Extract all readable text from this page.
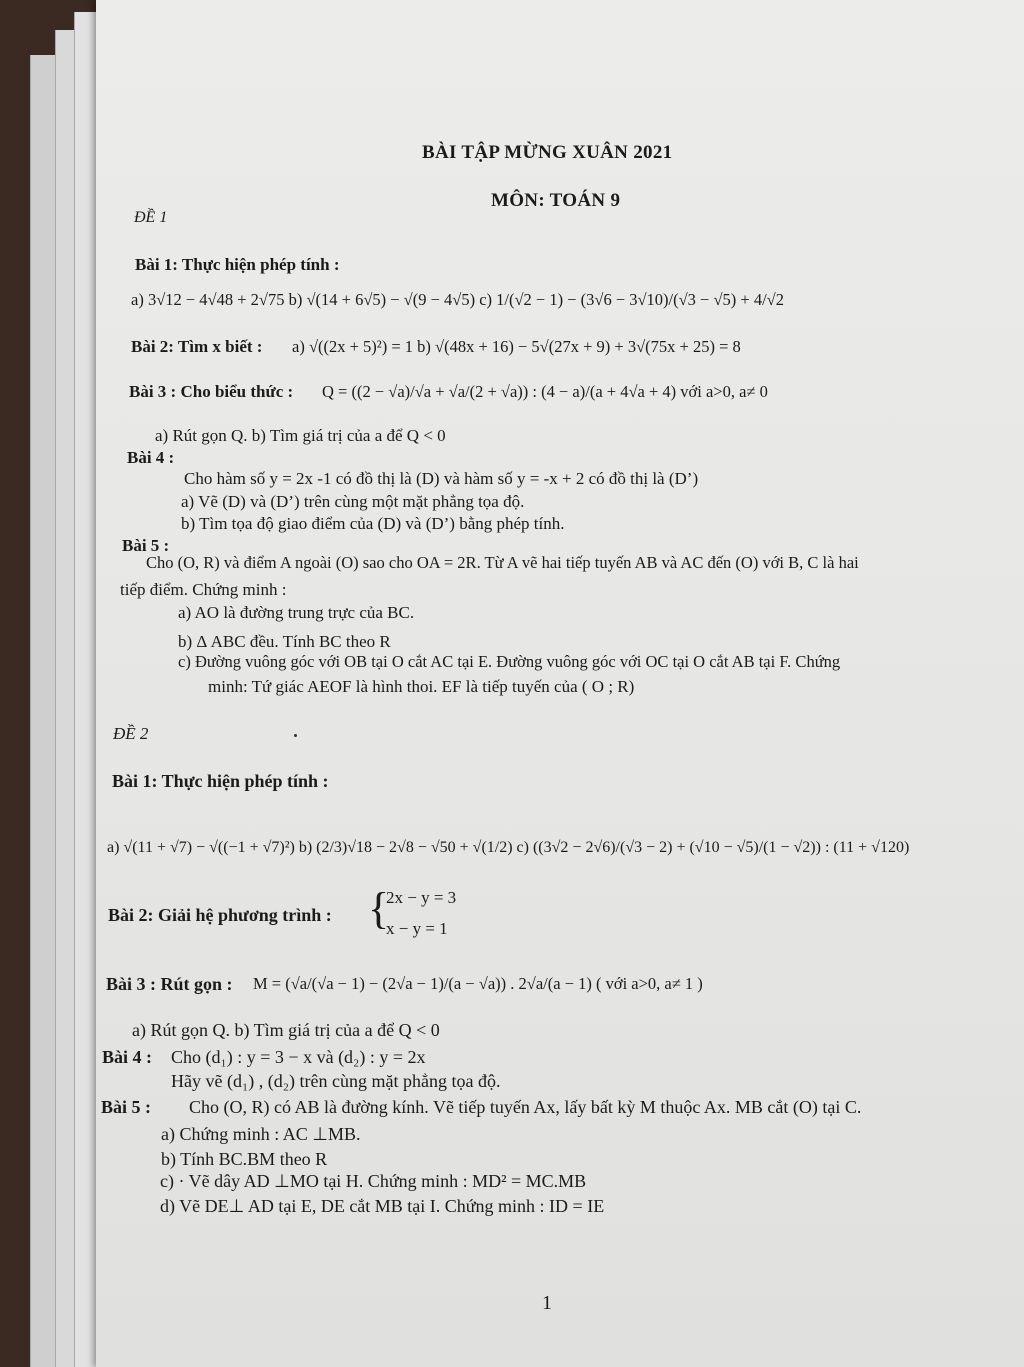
BÀI TẬP MỪNG XUÂN 2021
MÔN: TOÁN 9
ĐỀ 1
Bài 1: Thực hiện phép tính :
a) 3√12 − 4√48 + 2√75 b) √(14 + 6√5) − √(9 − 4√5) c) 1/(√2 − 1) − (3√6 − 3√10)/(√3 − √5) + 4/√2
Bài 2: Tìm x biết : a) √((2x + 5)²) = 1 b) √(48x + 16) − 5√(27x + 9) + 3√(75x + 25) = 8
Bài 3 : Cho biểu thức : Q = ((2 − √a)/√a + √a/(2 + √a)) : (4 − a)/(a + 4√a + 4) với a>0, a≠ 0
a) Rút gọn Q. b) Tìm giá trị của a để Q < 0
Bài 4 :
Cho hàm số y = 2x -1 có đồ thị là (D) và hàm số y = -x + 2 có đồ thị là (D’)
a) Vẽ (D) và (D’) trên cùng một mặt phẳng tọa độ.
b) Tìm tọa độ giao điểm của (D) và (D’) bằng phép tính.
Bài 5 :
Cho (O, R) và điểm A ngoài (O) sao cho OA = 2R. Từ A vẽ hai tiếp tuyến AB và AC đến (O) với B, C là hai
tiếp điểm. Chứng minh :
a) AO là đường trung trực của BC.
b) Δ ABC đều. Tính BC theo R
c) Đường vuông góc với OB tại O cắt AC tại E. Đường vuông góc với OC tại O cắt AB tại F. Chứng
minh: Tứ giác AEOF là hình thoi. EF là tiếp tuyến của ( O ; R)
ĐỀ 2
Bài 1: Thực hiện phép tính :
a) √(11 + √7) − √((−1 + √7)²) b) (2/3)√18 − 2√8 − √50 + √(1/2) c) ((3√2 − 2√6)/(√3 − 2) + (√10 − √5)/(1 − √2)) : (11 + √120)
Bài 2: Giải hệ phương trình : {
2x − y = 3
x − y = 1
Bài 3 : Rút gọn : M = (√a/(√a − 1) − (2√a − 1)/(a − √a)) . 2√a/(a − 1) ( với a>0, a≠ 1 )
a) Rút gọn Q. b) Tìm giá trị của a để Q < 0
Bài 4 : Cho (d₁) : y = 3 − x và (d₂) : y = 2x
Hãy vẽ (d₁) , (d₂) trên cùng mặt phẳng tọa độ.
Bài 5 : Cho (O, R) có AB là đường kính. Vẽ tiếp tuyến Ax, lấy bất kỳ M thuộc Ax. MB cắt (O) tại C.
a) Chứng minh : AC ⊥MB.
b) Tính BC.BM theo R
c) · Vẽ dây AD ⊥MO tại H. Chứng minh : MD² = MC.MB
d) Vẽ DE⊥ AD tại E, DE cắt MB tại I. Chứng minh : ID = IE
1
